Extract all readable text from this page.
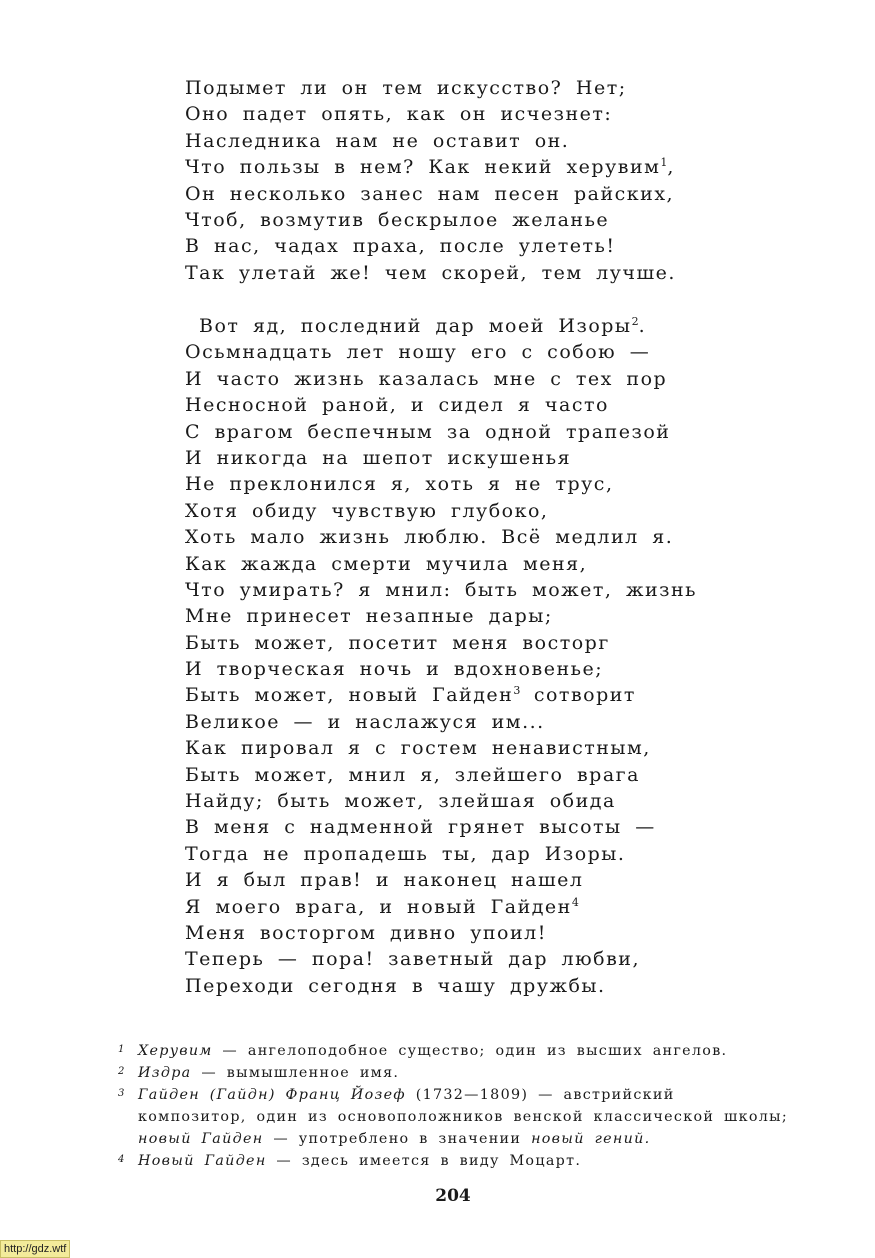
Подымет ли он тем искусство? Нет;
Оно падет опять, как он исчезнет:
Наследника нам не оставит он.
Что пользы в нем? Как некий херувим$^1$,
Он несколько занес нам песен райских,
Чтоб, возмутив бескрылое желанье
В нас, чадах праха, после улететь!
Так улетай же! чем скорей, тем лучше.
Вот яд, последний дар моей Изоры$^2$.
Осьмнадцать лет ношу его с собою —
И часто жизнь казалась мне с тех пор
Несносной раной, и сидел я часто
С врагом беспечным за одной трапезой
И никогда на шепот искушенья
Не преклонился я, хоть я не трус,
Хотя обиду чувствую глубоко,
Хоть мало жизнь люблю. Всё медлил я.
Как жажда смерти мучила меня,
Что умирать? я мнил: быть может, жизнь
Мне принесет незапные дары;
Быть может, посетит меня восторг
И творческая ночь и вдохновенье;
Быть может, новый Гайден$^3$ сотворит
Великое — и наслажуся им...
Как пировал я с гостем ненавистным,
Быть может, мнил я, злейшего врага
Найду; быть может, злейшая обида
В меня с надменной грянет высоты —
Тогда не пропадешь ты, дар Изоры.
И я был прав! и наконец нашел
Я моего врага, и новый Гайден$^4$
Меня восторгом дивно упоил!
Теперь — пора! заветный дар любви,
Переходи сегодня в чашу дружбы.
1 Херувим — ангелоподобное существо; один из высших ангелов.
2 Издра — вымышленное имя.
3 Гайден (Гайдн) Франц Йозеф (1732—1809) — австрийский композитор, один из основоположников венской классической школы; новый Гайден — употреблено в значении новый гений.
4 Новый Гайден — здесь имеется в виду Моцарт.
204
http://gdz.wtf
